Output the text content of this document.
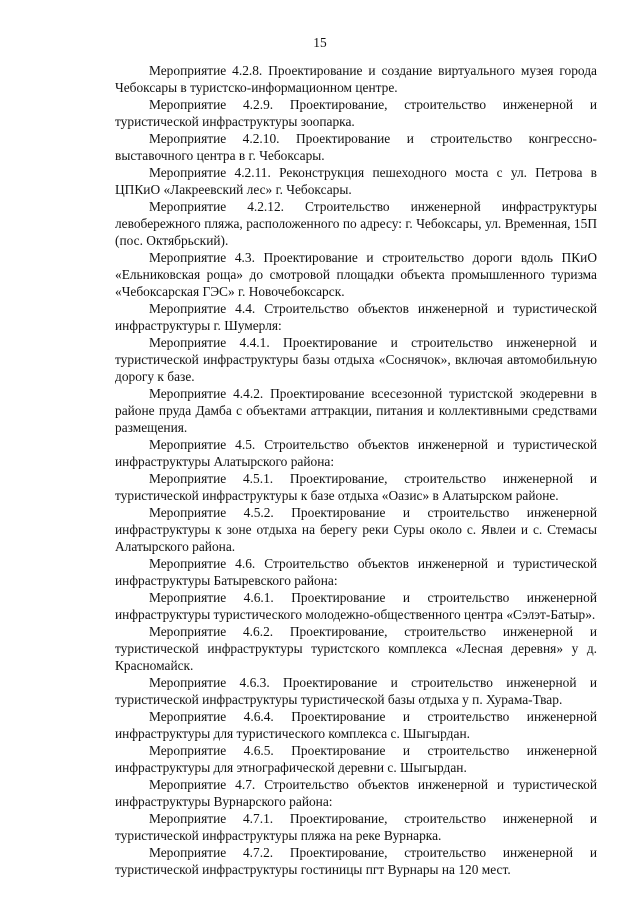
15

Мероприятие 4.2.8. Проектирование и создание виртуального музея города Чебоксары в туристско-информационном центре.

Мероприятие 4.2.9. Проектирование, строительство инженерной и туристической инфраструктуры зоопарка.

Мероприятие 4.2.10. Проектирование и строительство конгрессно-выставочного центра в г. Чебоксары.

Мероприятие 4.2.11. Реконструкция пешеходного моста с ул. Петрова в ЦПКиО «Лакреевский лес» г. Чебоксары.

Мероприятие 4.2.12. Строительство инженерной инфраструктуры левобережного пляжа, расположенного по адресу: г. Чебоксары, ул. Временная, 15П (пос. Октябрьский).

Мероприятие 4.3. Проектирование и строительство дороги вдоль ПКиО «Ельниковская роща» до смотровой площадки объекта промышленного туризма «Чебоксарская ГЭС» г. Новочебоксарск.

Мероприятие 4.4. Строительство объектов инженерной и туристической инфраструктуры г. Шумерля:

Мероприятие 4.4.1. Проектирование и строительство инженерной и туристической инфраструктуры базы отдыха «Соснячок», включая автомобильную дорогу к базе.

Мероприятие 4.4.2. Проектирование всесезонной туристской экодеревни в районе пруда Дамба с объектами аттракции, питания и коллективными средствами размещения.

Мероприятие 4.5. Строительство объектов инженерной и туристической инфраструктуры Алатырского района:

Мероприятие 4.5.1. Проектирование, строительство инженерной и туристической инфраструктуры к базе отдыха «Оазис» в Алатырском районе.

Мероприятие 4.5.2. Проектирование и строительство инженерной инфраструктуры к зоне отдыха на берегу реки Суры около с. Явлеи и с. Стемасы Алатырского района.

Мероприятие 4.6. Строительство объектов инженерной и туристической инфраструктуры Батыревского района:

Мероприятие 4.6.1. Проектирование и строительство инженерной инфраструктуры туристического молодежно-общественного центра «Сэлэт-Батыр».

Мероприятие 4.6.2. Проектирование, строительство инженерной и туристической инфраструктуры туристского комплекса «Лесная деревня» у д. Красномайск.

Мероприятие 4.6.3. Проектирование и строительство инженерной и туристической инфраструктуры туристической базы отдыха у п. Хурама-Твар.

Мероприятие 4.6.4. Проектирование и строительство инженерной инфраструктуры для туристического комплекса с. Шыгырдан.

Мероприятие 4.6.5. Проектирование и строительство инженерной инфраструктуры для этнографической деревни с. Шыгырдан.

Мероприятие 4.7. Строительство объектов инженерной и туристической инфраструктуры Вурнарского района:

Мероприятие 4.7.1. Проектирование, строительство инженерной и туристической инфраструктуры пляжа на реке Вурнарка.

Мероприятие 4.7.2. Проектирование, строительство инженерной и туристической инфраструктуры гостиницы пгт Вурнары на 120 мест.
